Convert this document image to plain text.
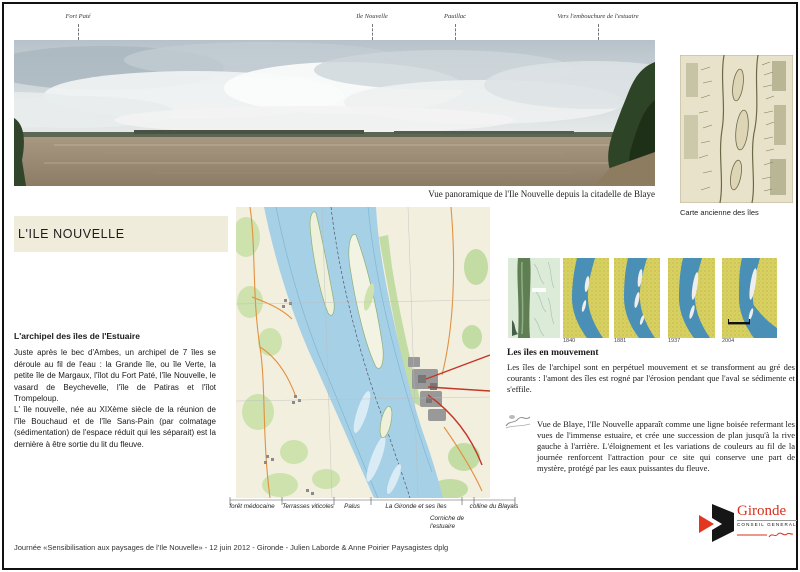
Fort Paté	Ile Nouvelle	Pauillac	Vers l'embouchure de l'estuaire
Vue panoramique de l'Ile Nouvelle depuis la citadelle de Blaye
Carte ancienne des îles
L'ILE NOUVELLE
L'archipel des îles de l'Estuaire

Juste après le bec d'Ambes, un archipel de 7 îles se déroule au fil de l'eau : la Grande île, ou île Verte, la petite île de Margaux, l'îlot du Fort Paté, l'île Nouvelle, le vasard de Beychevelle, l'île de Patiras et l'îlot Trompeloup.

L' île nouvelle, née au XIXème siècle de la réunion de l'île Bouchaud et de l'île Sans-Pain (par colmatage (sédimentation) de l'espace réduit qui les séparait) est la dernière à être sortie du lit du fleuve.

forêt médocaine Terrasses viticoles Palus	La Gironde et ses îles	colline du Blayais
Corniche de l'estuaire
1840	1881	1937	2004
Les îles en mouvement

Les îles de l'archipel sont en perpétuel mouvement et se transforment au gré des courants : l'amont des îles est rogné par l'érosion pendant que l'aval se sédimente et s'effile.

Vue de Blaye, l'Ile Nouvelle apparaît comme une ligne boisée refermant les vues de l'immense estuaire, et crée une succession de plan jusqu'à la rive gauche à l'arrière. L'éloignement et les variations de couleurs au fil de la journée renforcent l'attraction pour ce site qui conserve une part de mystère, protégé par les eaux puissantes du fleuve.

Journée «Sensibilisation aux paysages de l'Ile Nouvelle» - 12 juin 2012 - Gironde - Julien Laborde & Anne Poirier Paysagistes dplg
Gironde
CONSEIL GENERAL
